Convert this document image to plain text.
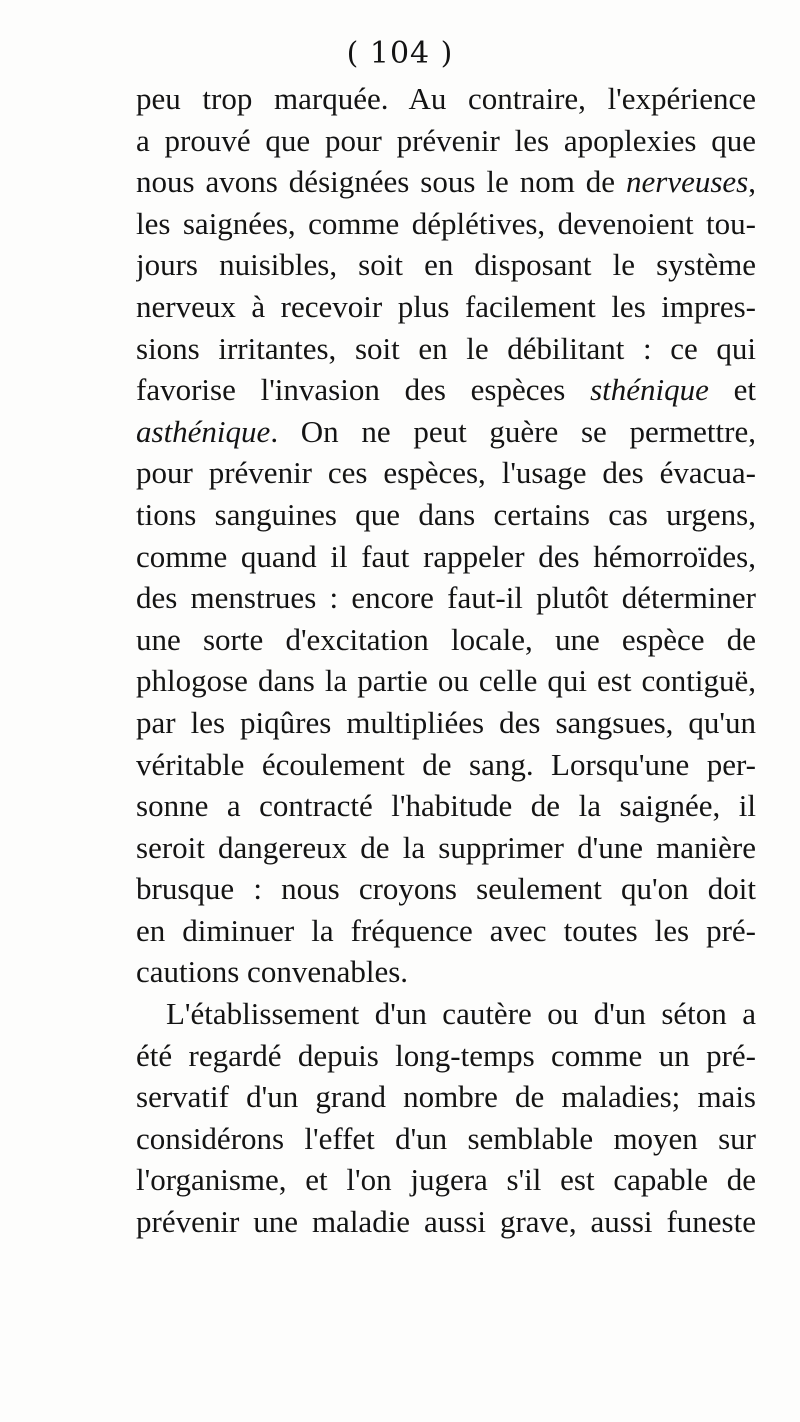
( 104 )
peu trop marquée. Au contraire, l'expérience
a prouvé que pour prévenir les apoplexies que
nous avons désignées sous le nom de nerveuses,
les saignées, comme déplétives, devenoient tou-
jours nuisibles, soit en disposant le système
nerveux à recevoir plus facilement les impres-
sions irritantes, soit en le débilitant : ce qui
favorise l'invasion des espèces sthénique et
asthénique. On ne peut guère se permettre,
pour prévenir ces espèces, l'usage des évacua-
tions sanguines que dans certains cas urgens,
comme quand il faut rappeler des hémorroïdes,
des menstrues : encore faut-il plutôt déterminer
une sorte d'excitation locale, une espèce de
phlogose dans la partie ou celle qui est contiguë,
par les piqûres multipliées des sangsues, qu'un
véritable écoulement de sang. Lorsqu'une per-
sonne a contracté l'habitude de la saignée, il
seroit dangereux de la supprimer d'une manière
brusque : nous croyons seulement qu'on doit
en diminuer la fréquence avec toutes les pré-
cautions convenables.
L'établissement d'un cautère ou d'un séton a
été regardé depuis long-temps comme un pré-
servatif d'un grand nombre de maladies; mais
considérons l'effet d'un semblable moyen sur
l'organisme, et l'on jugera s'il est capable de
prévenir une maladie aussi grave, aussi funeste
